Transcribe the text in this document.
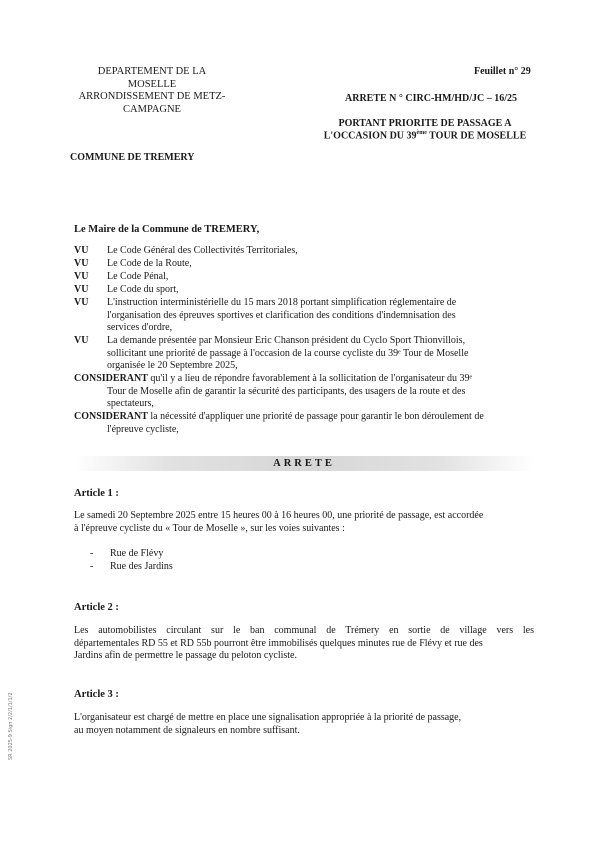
DEPARTEMENT DE LA
MOSELLE
ARRONDISSEMENT DE METZ-
CAMPAGNE
COMMUNE DE TREMERY
Feuillet n° 29
ARRETE N ° CIRC-HM/HD/JC – 16/25
PORTANT PRIORITE DE PASSAGE A
L'OCCASION DU 39ème TOUR DE MOSELLE
Le Maire de la Commune de TREMERY,
VU Le Code Général des Collectivités Territoriales,
VU Le Code de la Route,
VU Le Code Pénal,
VU Le Code du sport,
VU L'instruction interministérielle du 15 mars 2018 portant simplification réglementaire de
l'organisation des épreuves sportives et clarification des conditions d'indemnisation des
services d'ordre,
VU La demande présentée par Monsieur Eric Chanson président du Cyclo Sport Thionvillois,
sollicitant une priorité de passage à l'occasion de la course cycliste du 39ᵉ Tour de Moselle
organisée le 20 Septembre 2025,
CONSIDERANT qu'il y a lieu de répondre favorablement à la sollicitation de l'organisateur du 39ᵉ
Tour de Moselle afin de garantir la sécurité des participants, des usagers de la route et des
spectateurs,
CONSIDERANT la nécessité d'appliquer une priorité de passage pour garantir le bon déroulement de
l'épreuve cycliste,
ARRETE
Article 1 :
Le samedi 20 Septembre 2025 entre 15 heures 00 à 16 heures 00, une priorité de passage, est accordée
à l'épreuve cycliste du « Tour de Moselle », sur les voies suivantes :
- Rue de Flévy
- Rue des Jardins
Article 2 :
Les automobilistes circulant sur le ban communal de Trémery en sortie de village vers les
départementales RD 55 et RD 55b pourront être immobilisés quelques minutes rue de Flévy et rue des
Jardins afin de permettre le passage du peloton cycliste.
Article 3 :
L'organisateur est chargé de mettre en place une signalisation appropriée à la priorité de passage,
au moyen notamment de signaleurs en nombre suffisant.
SR 2025-9 Sign 2/2/1/1/1/2
